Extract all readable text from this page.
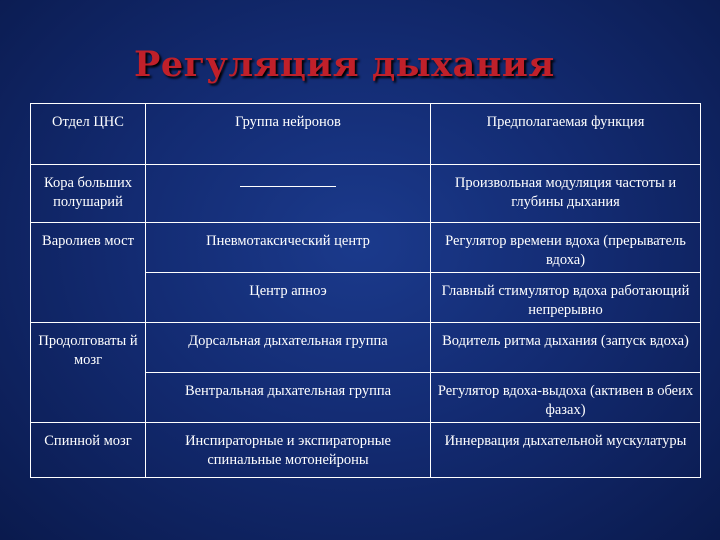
Регуляция дыхания
Отдел ЦНС	Группа нейронов	Предполагаемая функция
Кора больших полушарий		Произвольная модуляция частоты и глубины дыхания
Варолиев мост	Пневмотаксический центр	Регулятор времени вдоха (прерыватель вдоха)
	Центр апноэ	Главный стимулятор вдоха работающий непрерывно
Продолговаты й мозг	Дорсальная дыхательная группа	Водитель ритма дыхания (запуск вдоха)
	Вентральная дыхательная группа	Регулятор вдоха-выдоха (активен в обеих фазах)
Спинной мозг	Инспираторные и экспираторные спинальные мотонейроны	Иннервация дыхательной мускулатуры
